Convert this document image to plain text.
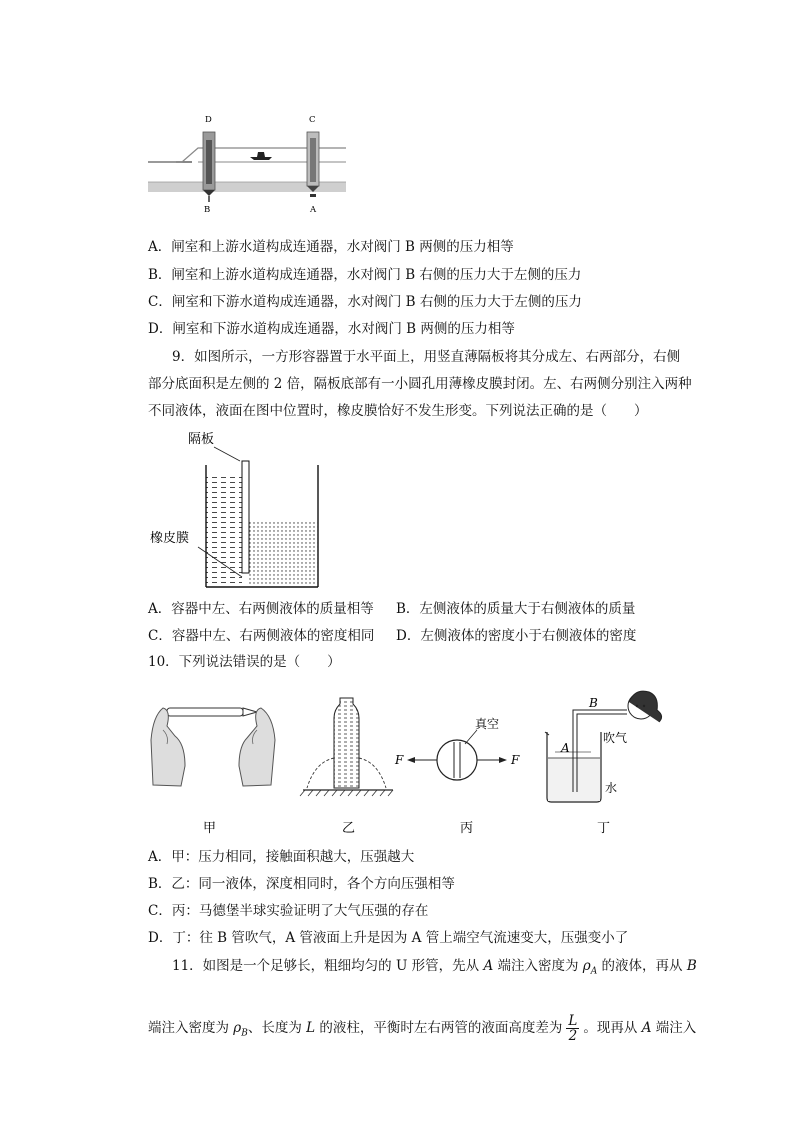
D	C
B	A
A．闸室和上游水道构成连通器，水对阀门 B 两侧的压力相等
B．闸室和上游水道构成连通器，水对阀门 B 右侧的压力大于左侧的压力
C．闸室和下游水道构成连通器，水对阀门 B 右侧的压力大于左侧的压力
D．闸室和下游水道构成连通器，水对阀门 B 两侧的压力相等
9．如图所示，一方形容器置于水平面上，用竖直薄隔板将其分成左、右两部分，右侧
部分底面积是左侧的 2 倍，隔板底部有一小圆孔用薄橡皮膜封闭。左、右两侧分别注入两种
不同液体，液面在图中位置时，橡皮膜恰好不发生形变。下列说法正确的是（　　）
隔板
橡皮膜
A．容器中左、右两侧液体的质量相等 B．左侧液体的质量大于右侧液体的质量
C．容器中左、右两侧液体的密度相同 D．左侧液体的密度小于右侧液体的密度
10．下列说法错误的是（　　）
甲	乙
真空
F	F
丙
B
A
吹气
水
丁
A．甲：压力相同，接触面积越大，压强越大
B．乙：同一液体，深度相同时，各个方向压强相等
C．丙：马德堡半球实验证明了大气压强的存在
D．丁：往 B 管吹气，A 管液面上升是因为 A 管上端空气流速变大，压强变小了
11．如图是一个足够长，粗细均匀的 U 形管，先从 A 端注入密度为 $\rho_A$ 的液体，再从 B
端注入密度为 $\rho_B$、长度为 L 的液柱，平衡时左右两管的液面高度差为 $\frac{L}{2}$ 。现再从 A 端注入
